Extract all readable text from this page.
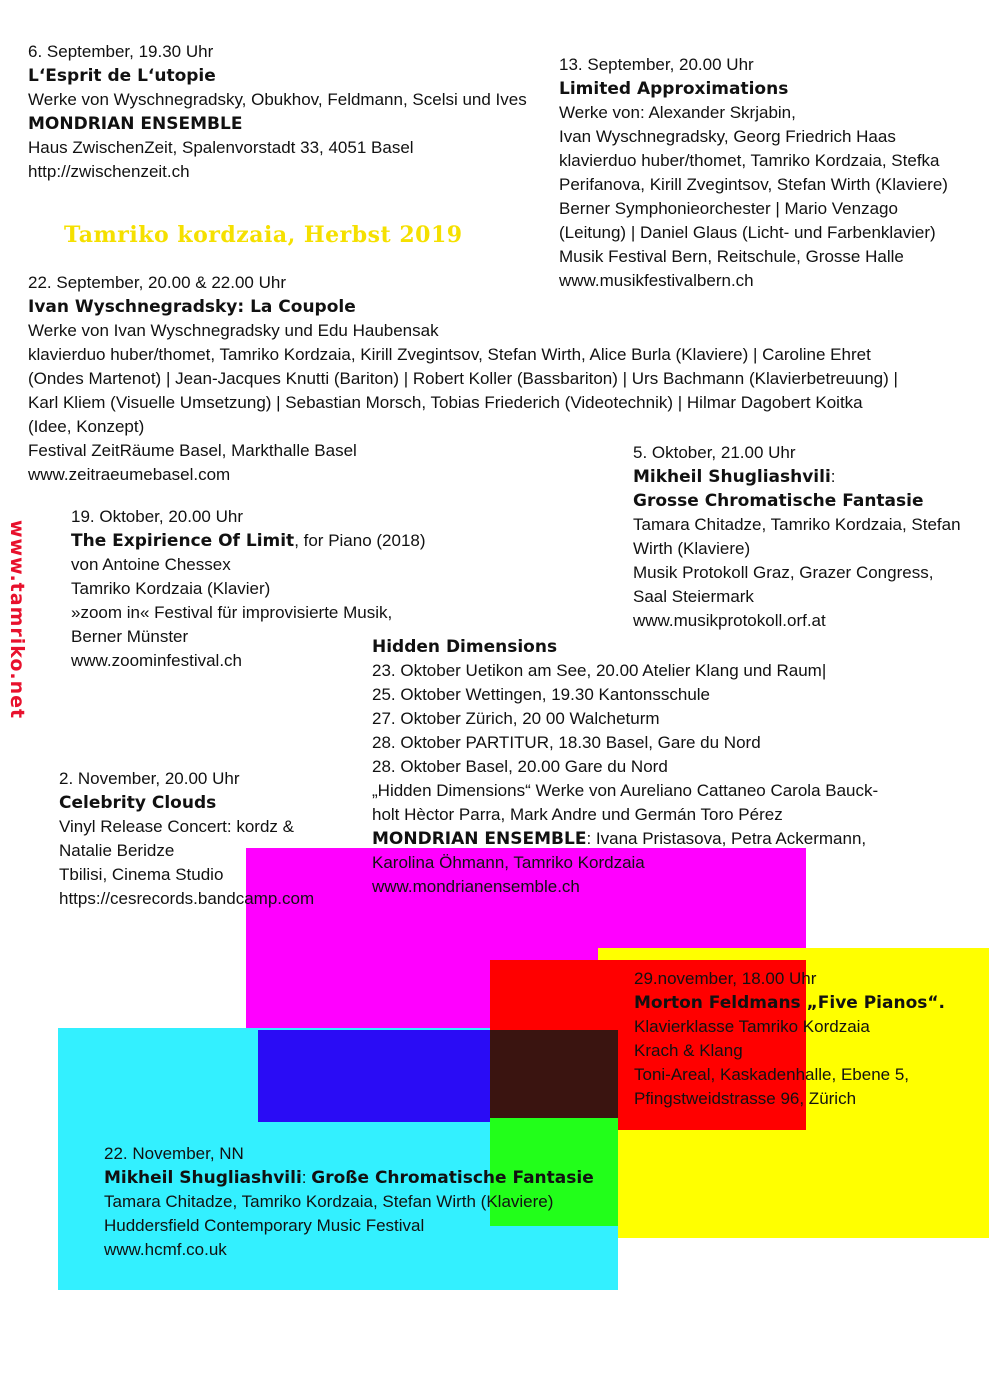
Tamriko kordzaia, Herbst 2019
www.tamriko.net
6. September, 19.30 Uhr
L‘Esprit de L‘utopie
Werke von Wyschnegradsky, Obukhov, Feldmann, Scelsi und Ives
MONDRIAN ENSEMBLE
Haus ZwischenZeit, Spalenvorstadt 33, 4051 Basel
http://zwischenzeit.ch
13. September, 20.00 Uhr
Limited Approximations
Werke von: Alexander Skrjabin,
Ivan Wyschnegradsky, Georg Friedrich Haas
klavierduo huber/thomet, Tamriko Kordzaia, Stefka
Perifanova, Kirill Zvegintsov, Stefan Wirth (Klaviere)
Berner Symphonieorchester | Mario Venzago
(Leitung) | Daniel Glaus (Licht- und Farbenklavier)
Musik Festival Bern, Reitschule, Grosse Halle
www.musikfestivalbern.ch
22. September, 20.00 & 22.00 Uhr
Ivan Wyschnegradsky: La Coupole
Werke von Ivan Wyschnegradsky und Edu Haubensak
klavierduo huber/thomet, Tamriko Kordzaia, Kirill Zvegintsov, Stefan Wirth, Alice Burla (Klaviere) | Caroline Ehret
(Ondes Martenot) | Jean-Jacques Knutti (Bariton) | Robert Koller (Bassbariton) | Urs Bachmann (Klavierbetreuung) |
Karl Kliem (Visuelle Umsetzung) | Sebastian Morsch, Tobias Friederich (Videotechnik) | Hilmar Dagobert Koitka
(Idee, Konzept)
Festival ZeitRäume Basel, Markthalle Basel
www.zeitraeumebasel.com
5. Oktober, 21.00 Uhr
Mikheil Shugliashvili:
Grosse Chromatische Fantasie
Tamara Chitadze, Tamriko Kordzaia, Stefan
Wirth (Klaviere)
Musik Protokoll Graz, Grazer Congress,
Saal Steiermark
www.musikprotokoll.orf.at
19. Oktober, 20.00 Uhr
The Expirience Of Limit, for Piano (2018)
von Antoine Chessex
Tamriko Kordzaia (Klavier)
»zoom in« Festival für improvisierte Musik,
Berner Münster
www.zoominfestival.ch
Hidden Dimensions
23. Oktober Uetikon am See, 20.00 Atelier Klang und Raum|
25. Oktober Wettingen, 19.30 Kantonsschule
27. Oktober Zürich, 20 00 Walcheturm
28. Oktober PARTITUR, 18.30 Basel, Gare du Nord
28. Oktober Basel, 20.00 Gare du Nord
„Hidden Dimensions“ Werke von Aureliano Cattaneo Carola Bauck-
holt Hèctor Parra, Mark Andre und Germán Toro Pérez
MONDRIAN ENSEMBLE: Ivana Pristasova, Petra Ackermann,
Karolina Öhmann, Tamriko Kordzaia
www.mondrianensemble.ch
2. November, 20.00 Uhr
Celebrity Clouds
Vinyl Release Concert: kordz &
Natalie Beridze
Tbilisi, Cinema Studio
https://cesrecords.bandcamp.com
29.november, 18.00 Uhr
Morton Feldmans „Five Pianos“.
Klavierklasse Tamriko Kordzaia
Krach & Klang
Toni-Areal, Kaskadenhalle, Ebene 5,
Pfingstweidstrasse 96, Zürich
22. November, NN
Mikheil Shugliashvili: Große Chromatische Fantasie
Tamara Chitadze, Tamriko Kordzaia, Stefan Wirth (Klaviere)
Huddersfield Contemporary Music Festival
www.hcmf.co.uk
